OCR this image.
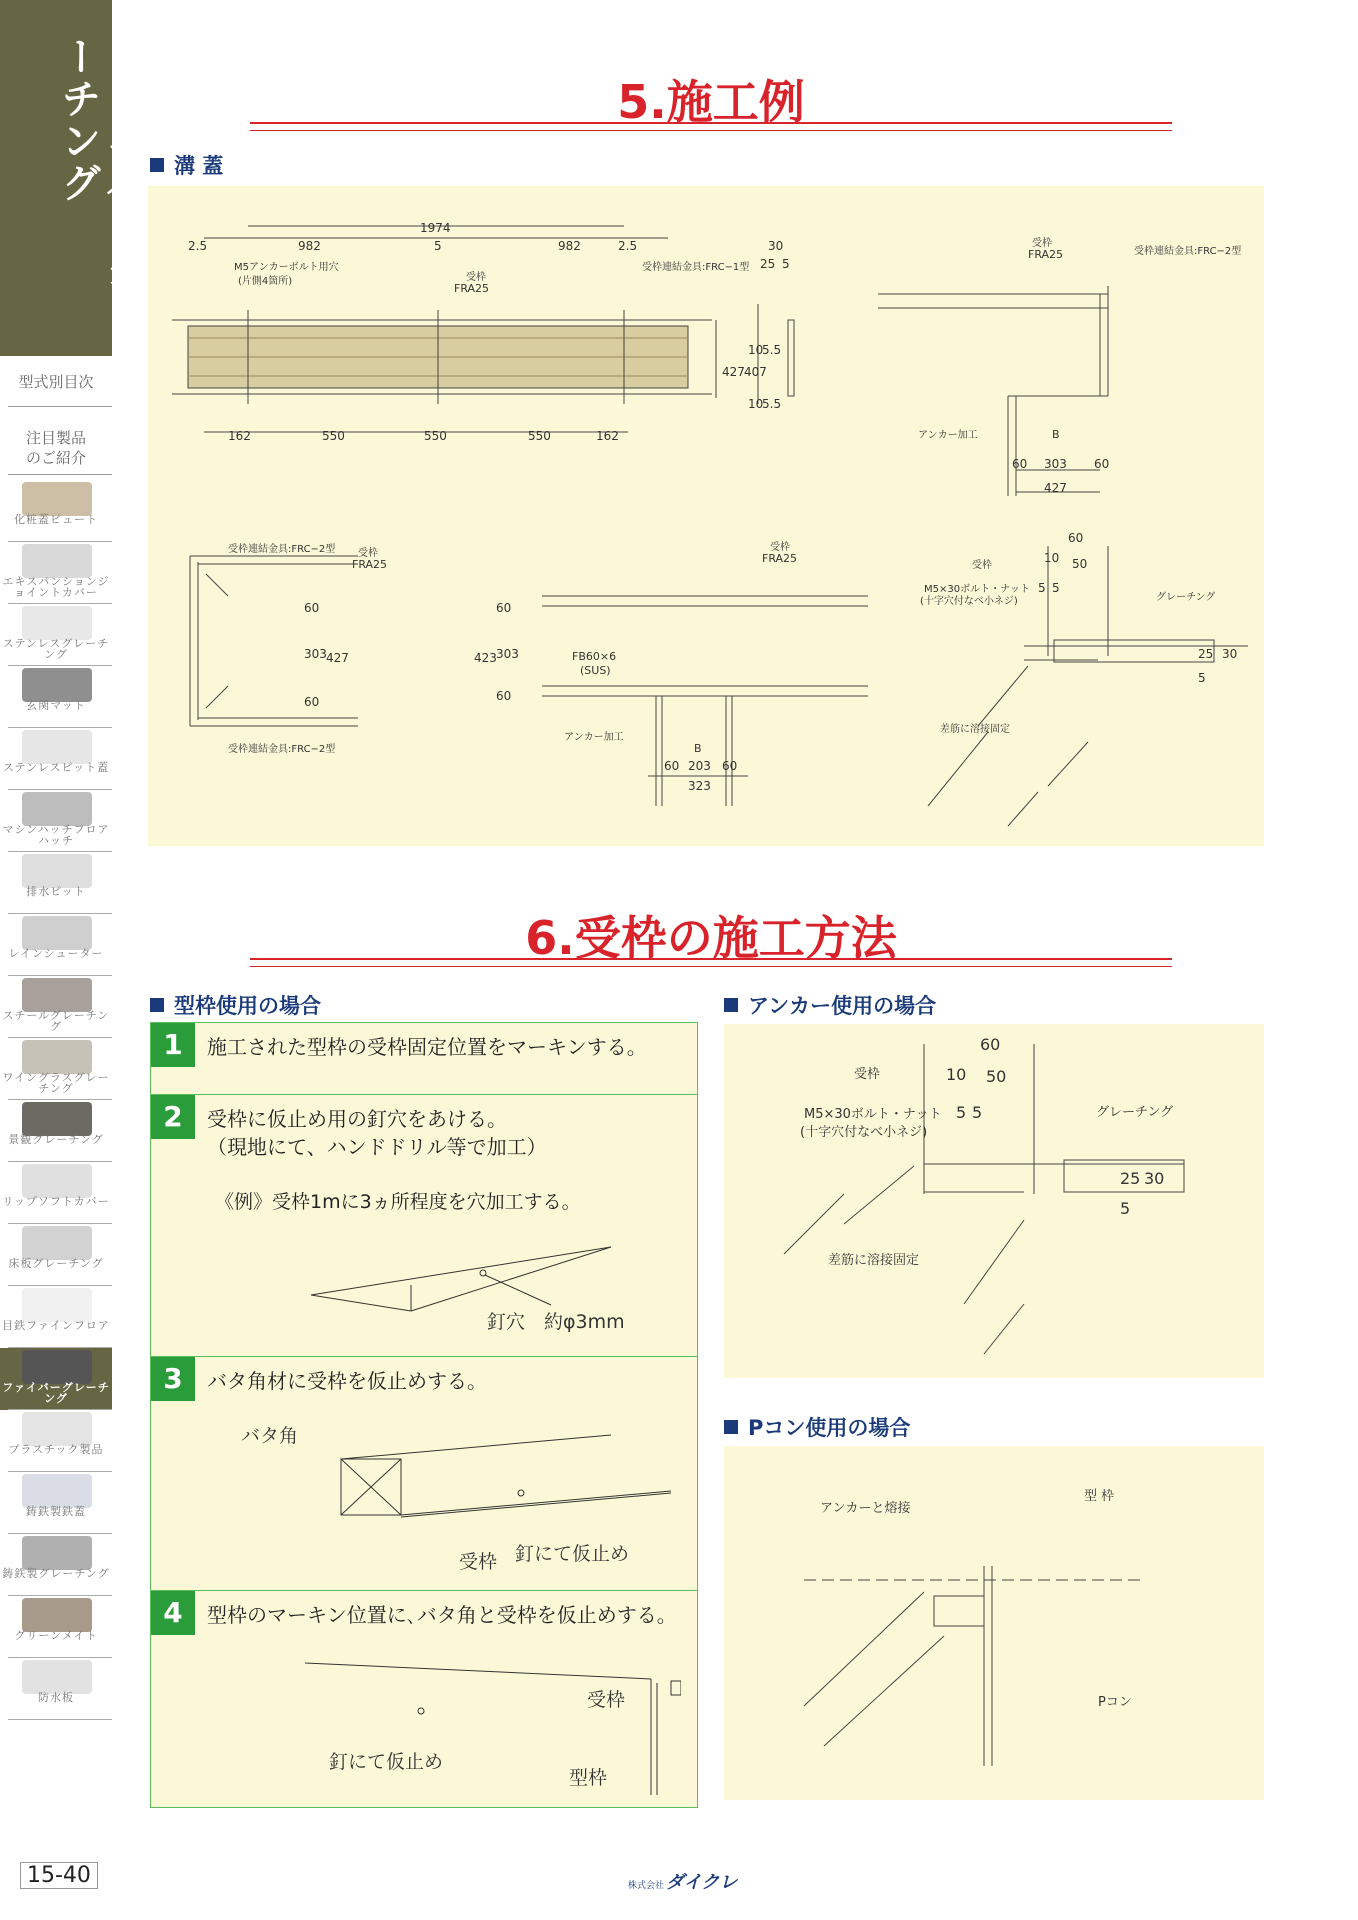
ファイバーグレーチング
型式別目次
注目製品のご紹介
化粧蓋ピュート
エキスパンションジョイントカバー
ステンレスグレーチング
玄関マット
ステンレスピット蓋
マシンハッチフロアハッチ
排水ピット
レインシューター
スチールグレーチング
ワイングラスグレーチング
景観グレーチング
リップソフトカバー
床板グレーチング
目鉄ファインフロア
ファイバーグレーチング
プラスチック製品
鋳鉄製鉄蓋
鋳鉄製グレーチング
グリーンメイト
防水板
5.施工例
溝 蓋
2.5	982
1974
5	982	2.5	30
25 5
162	550	550	550	162
10
5.5
427 407
10
5.5
M5アンカーボルト用穴
(片側4箇所)	受枠
FRA25
受枠連結金具:FRC−1型
受枠
FRA25	受枠連結金具:FRC−2型
アンカー加工	B
60 303 60
427
受枠連結金具:FRC−2型 受枠
FRA25
受枠連結金具:FRC−2型
60
303 427
60
423
60
303
60
受枠
FRA25
FB60×6
(SUS)
アンカー加工
B
60 203 60
323
60
10 50
5 5
25 30
5
受枠
M5×30ボルト・ナット
(十字穴付なべ小ネジ)	グレーチング
差筋に溶接固定
6.受枠の施工方法
型枠使用の場合	アンカー使用の場合
1	施工された型枠の受枠固定位置をマーキンする。
2	受枠に仮止め用の釘穴をあける。
（現地にて、ハンドドリル等で加工）
《例》受枠1mに3ヵ所程度を穴加工する。
釘穴　約φ3mm
3	バタ角材に受枠を仮止めする。
バタ角
受枠 釘にて仮止め
4	型枠のマーキン位置に､バタ角と受枠を仮止めする。
受枠
釘にて仮止め
型枠
60
10 50
5 5
25 30
5
受枠
M5×30ボルト・ナット
(十字穴付なべ小ネジ)
グレーチング
差筋に溶接固定
Pコン使用の場合
アンカーと熔接
型 枠
Pコン
15-40	株式会社 ダイクレ
